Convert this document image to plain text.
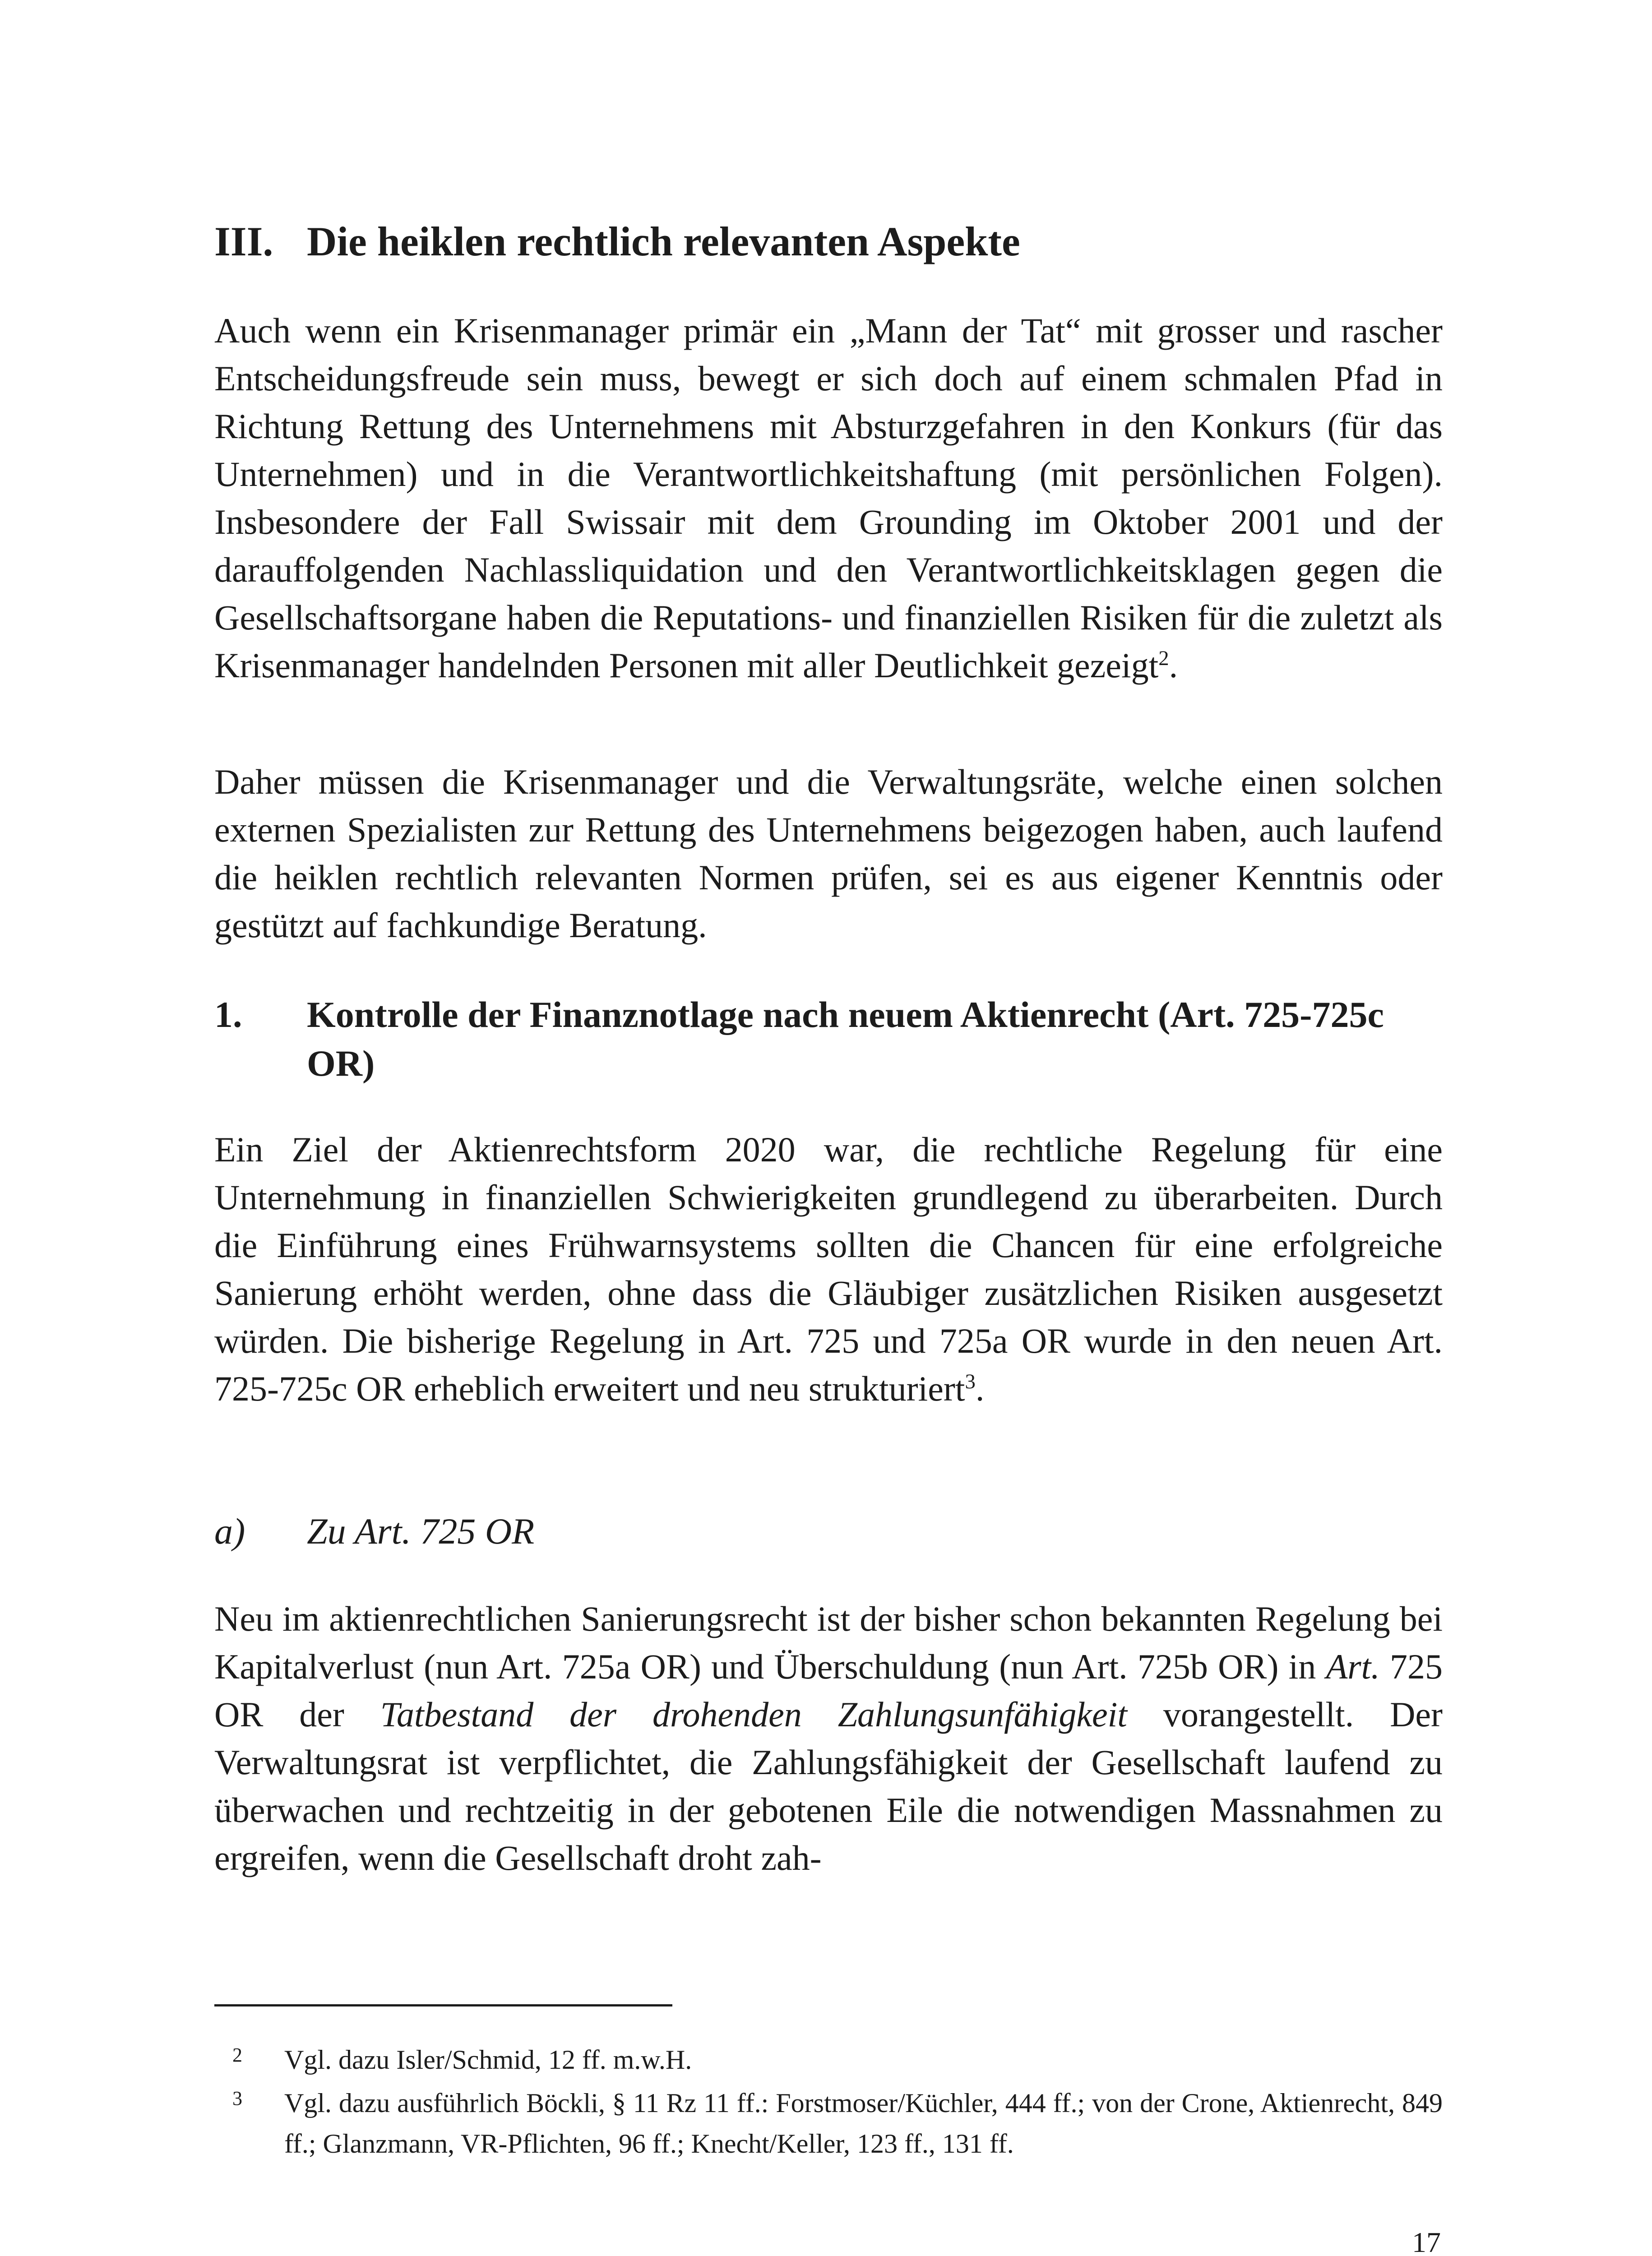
III. Die heiklen rechtlich relevanten Aspekte

Auch wenn ein Krisenmanager primär ein „Mann der Tat“ mit grosser und rascher Entscheidungsfreude sein muss, bewegt er sich doch auf einem schmalen Pfad in Richtung Rettung des Unternehmens mit Absturzgefahren in den Konkurs (für das Unternehmen) und in die Verantwortlichkeitshaftung (mit persönlichen Folgen). Insbesondere der Fall Swissair mit dem Grounding im Oktober 2001 und der darauffolgenden Nachlassliquidation und den Verantwortlichkeitsklagen gegen die Gesellschaftsorgane haben die Reputations- und finanziellen Risiken für die zuletzt als Krisenmanager handelnden Personen mit aller Deutlichkeit gezeigt$^2$.

Daher müssen die Krisenmanager und die Verwaltungsräte, welche einen solchen externen Spezialisten zur Rettung des Unternehmens beigezogen haben, auch laufend die heiklen rechtlich relevanten Normen prüfen, sei es aus eigener Kenntnis oder gestützt auf fachkundige Beratung.

1. Kontrolle der Finanznotlage nach neuem Aktienrecht (Art. 725-725c OR)

Ein Ziel der Aktienrechtsform 2020 war, die rechtliche Regelung für eine Unternehmung in finanziellen Schwierigkeiten grundlegend zu überarbeiten. Durch die Einführung eines Frühwarnsystems sollten die Chancen für eine erfolgreiche Sanierung erhöht werden, ohne dass die Gläubiger zusätzlichen Risiken ausgesetzt würden. Die bisherige Regelung in Art. 725 und 725a OR wurde in den neuen Art. 725-725c OR erheblich erweitert und neu strukturiert$^3$.

a) Zu Art. 725 OR

Neu im aktienrechtlichen Sanierungsrecht ist der bisher schon bekannten Regelung bei Kapitalverlust (nun Art. 725a OR) und Überschuldung (nun Art. 725b OR) in Art. 725 OR der Tatbestand der drohenden Zahlungsunfähigkeit vorangestellt. Der Verwaltungsrat ist verpflichtet, die Zahlungsfähigkeit der Gesellschaft laufend zu überwachen und rechtzeitig in der gebotenen Eile die notwendigen Massnahmen zu ergreifen, wenn die Gesellschaft droht zah-

2	Vgl. dazu Isler/Schmid, 12 ff. m.w.H.
3	Vgl. dazu ausführlich Böckli, § 11 Rz 11 ff.: Forstmoser/Küchler, 444 ff.; von der Crone, Aktienrecht, 849 ff.; Glanzmann, VR-Pflichten, 96 ff.; Knecht/Keller, 123 ff., 131 ff.
17
